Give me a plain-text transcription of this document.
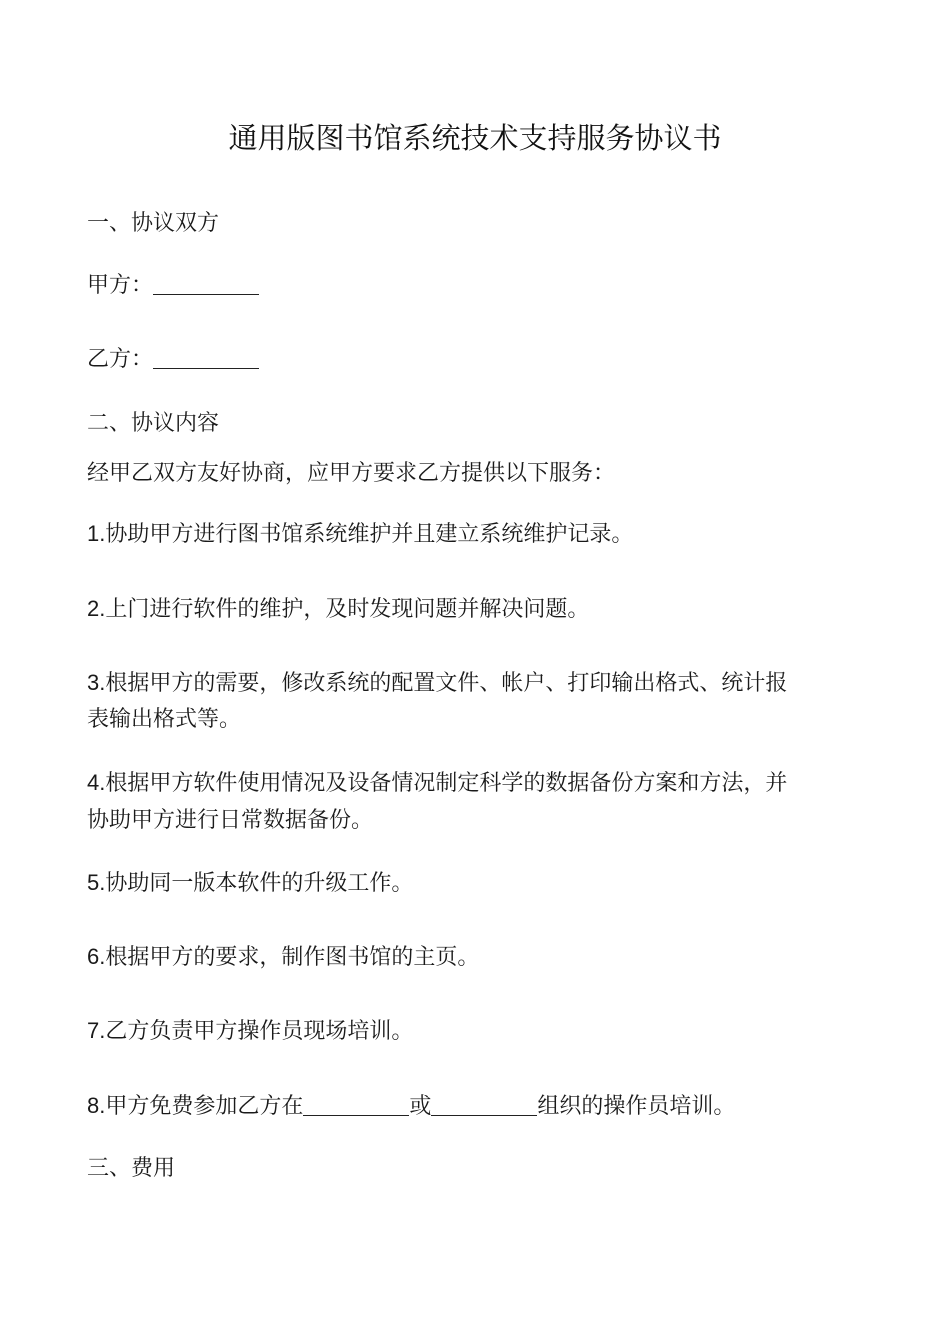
通用版图书馆系统技术支持服务协议书
一、协议双方
甲方：
乙方：
二、协议内容
经甲乙双方友好协商，应甲方要求乙方提供以下服务：
1.协助甲方进行图书馆系统维护并且建立系统维护记录。
2.上门进行软件的维护，及时发现问题并解决问题。
3.根据甲方的需要，修改系统的配置文件、帐户、打印输出格式、统计报
表输出格式等。
4.根据甲方软件使用情况及设备情况制定科学的数据备份方案和方法，并
协助甲方进行日常数据备份。
5.协助同一版本软件的升级工作。
6.根据甲方的要求，制作图书馆的主页。
7.乙方负责甲方操作员现场培训。
8.甲方免费参加乙方在	或	组织的操作员培训。
三、费用
